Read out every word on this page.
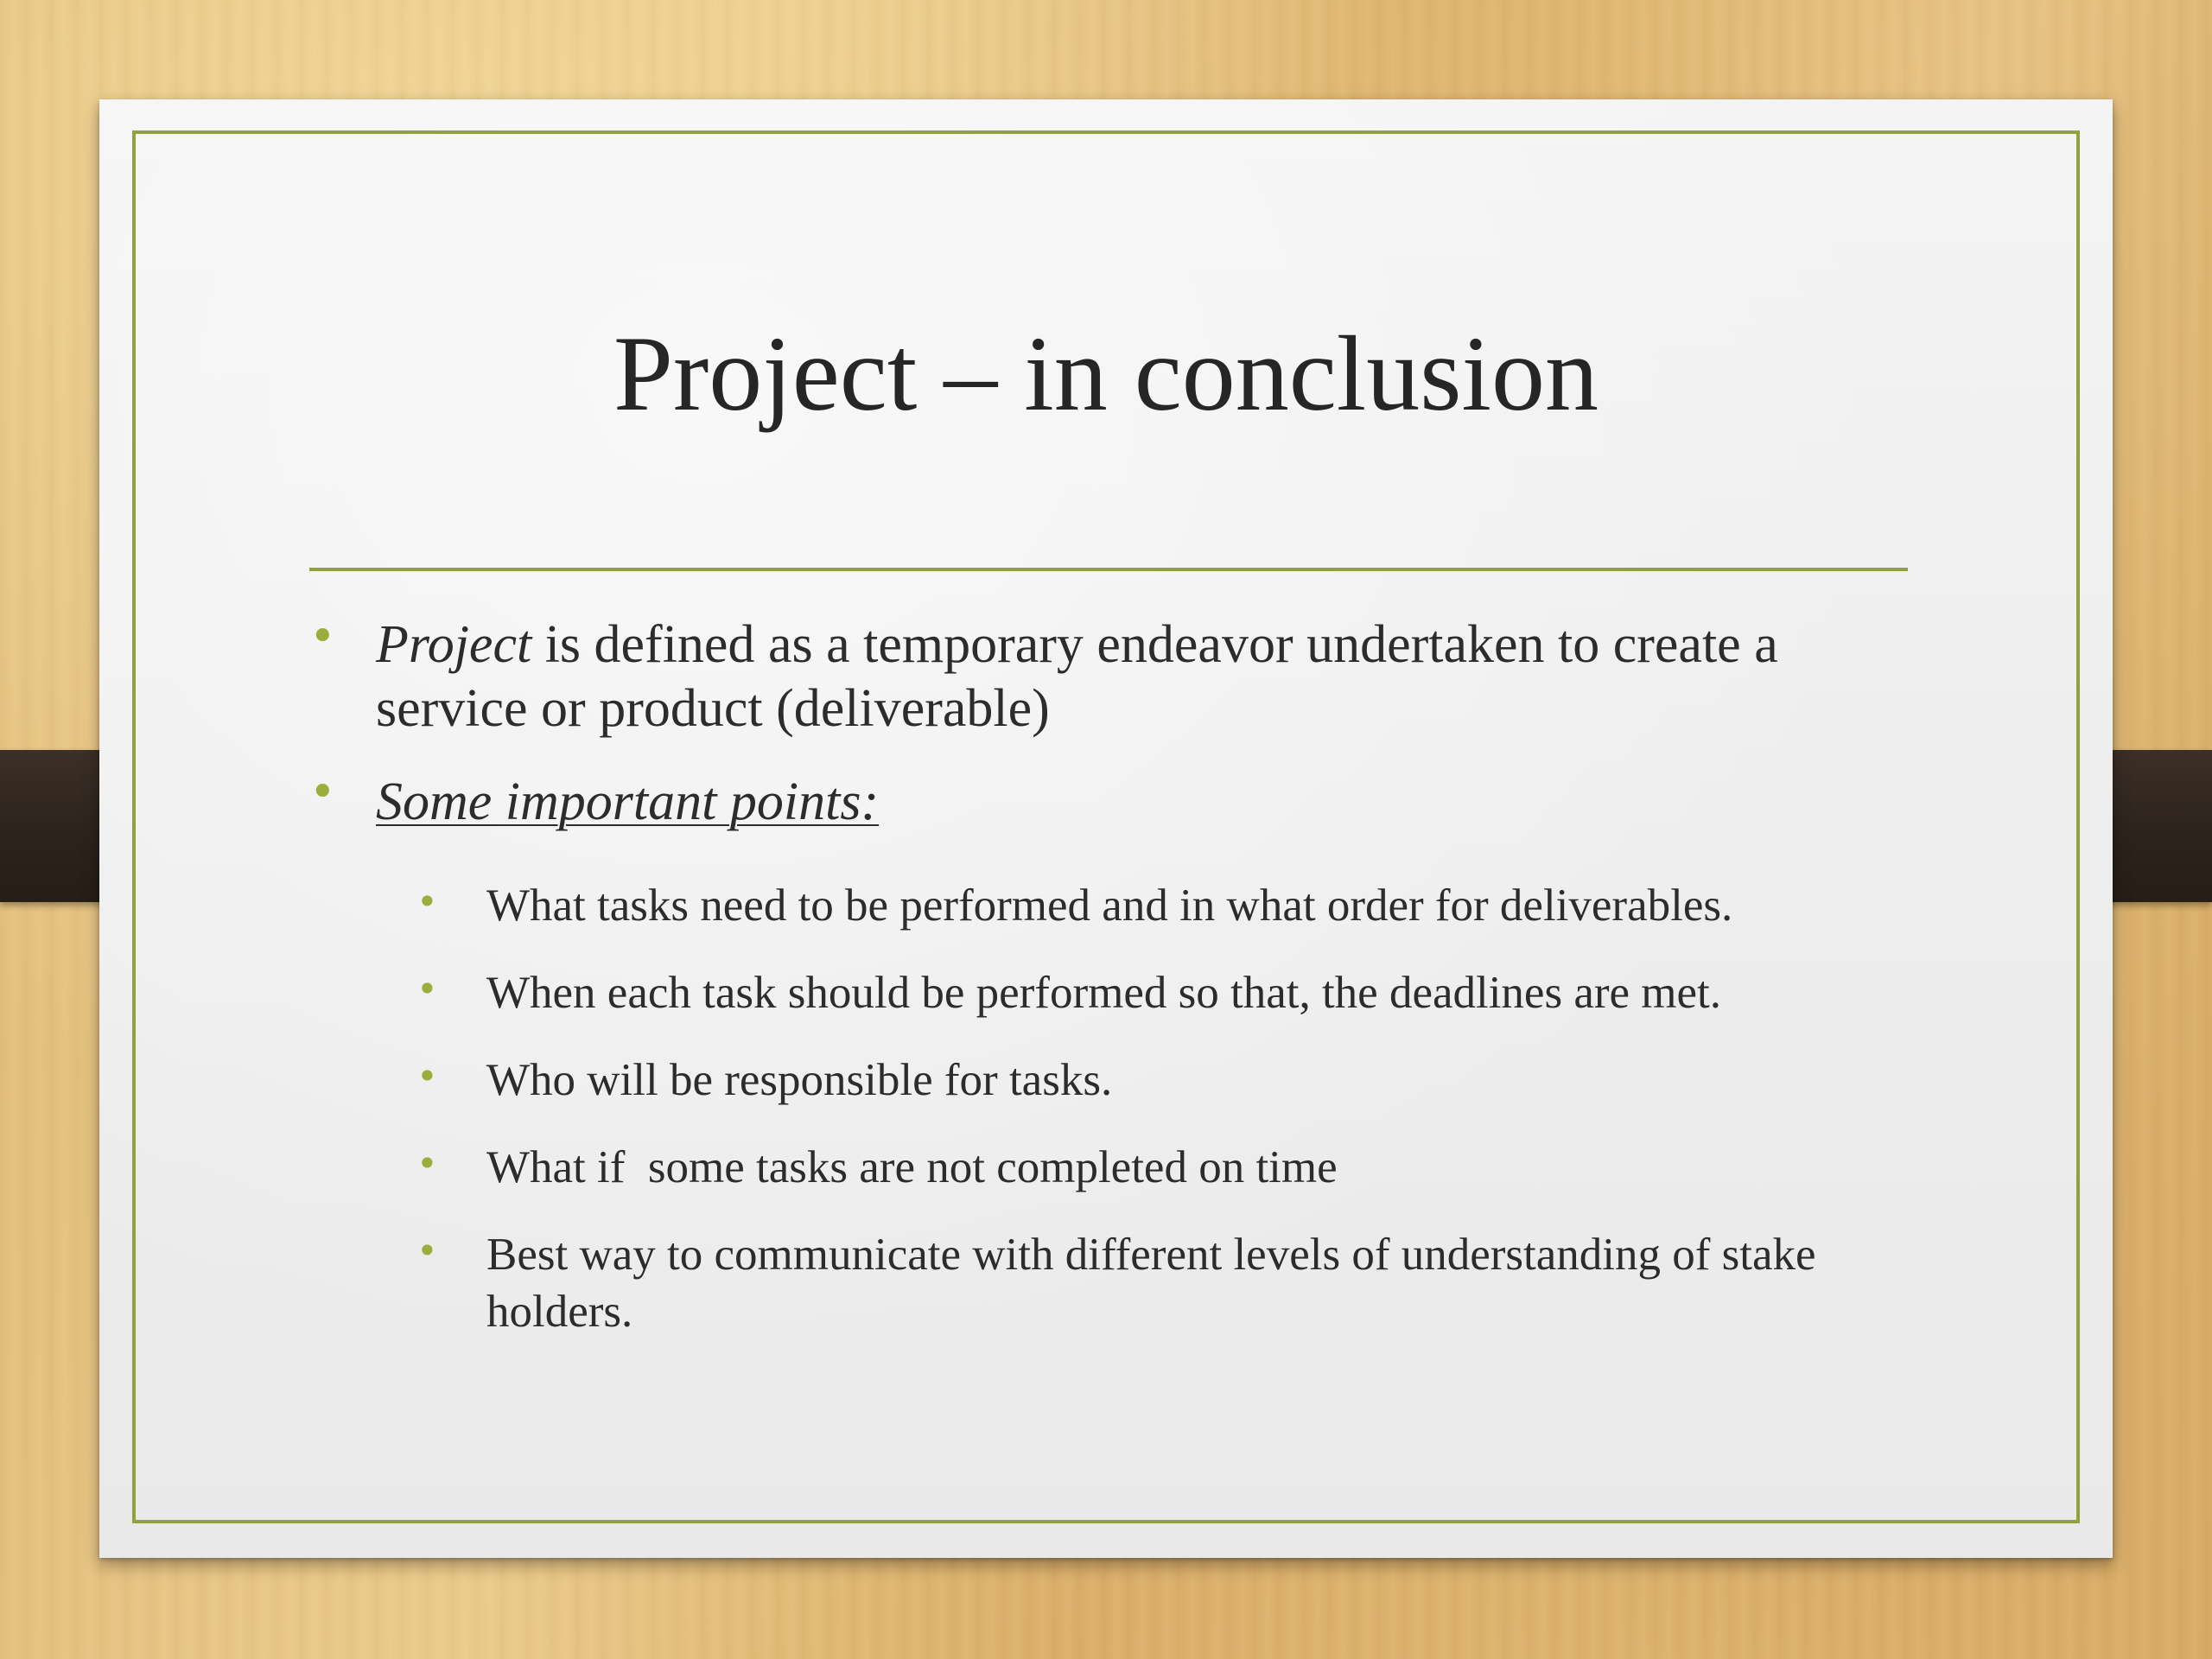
Project – in conclusion
• Project is defined as a temporary endeavor undertaken to create a service or product (deliverable)
• Some important points:
• What tasks need to be performed and in what order for deliverables.
• When each task should be performed so that, the deadlines are met.
• Who will be responsible for tasks.
• What if  some tasks are not completed on time
• Best way to communicate with different levels of understanding of stake holders.
